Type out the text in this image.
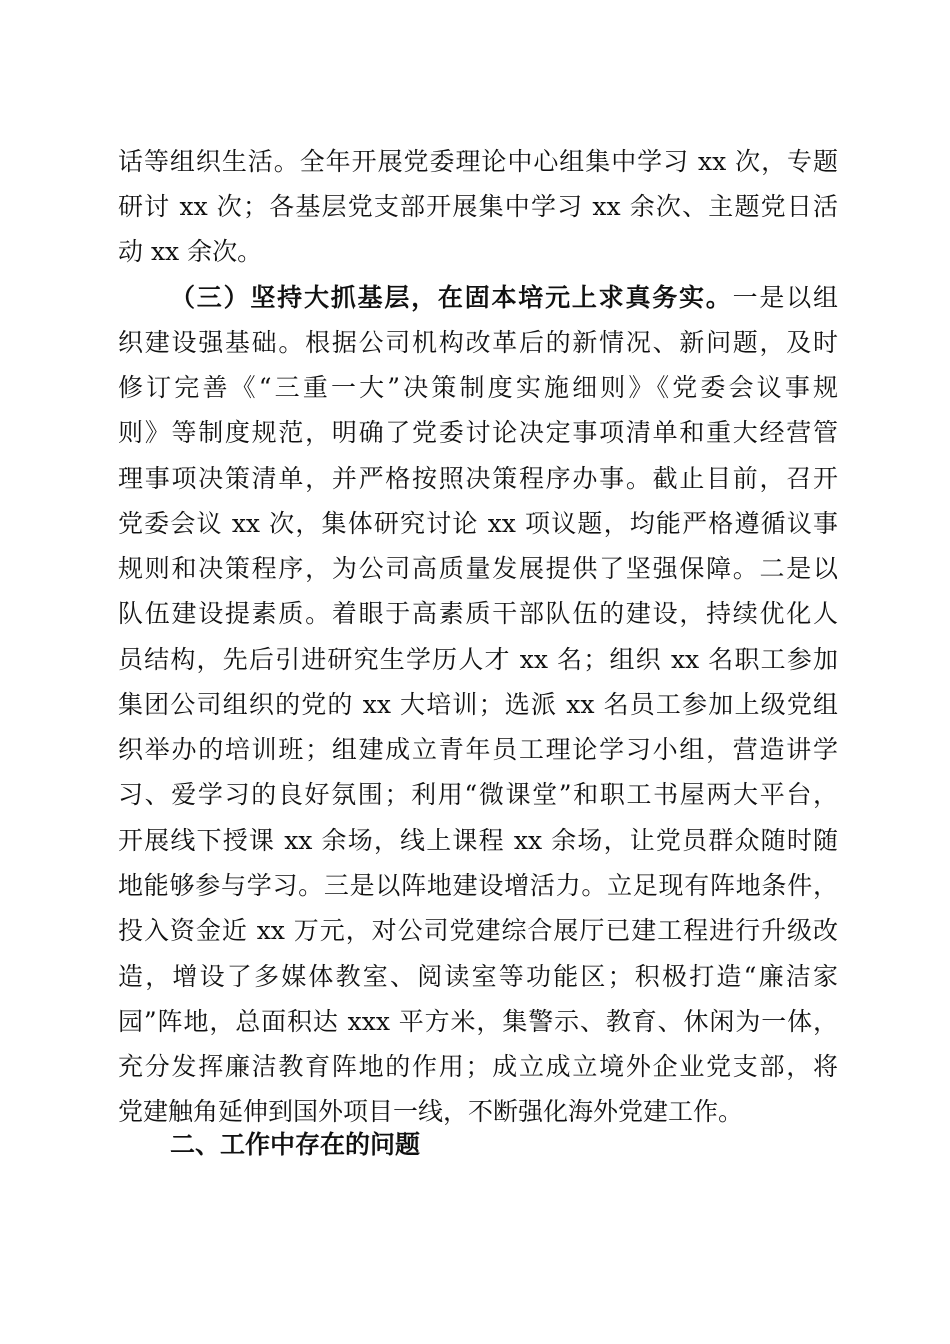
话等组织生活。全年开展党委理论中心组集中学习 xx 次，专题
研讨 xx 次；各基层党支部开展集中学习 xx 余次、主题党日活
动 xx 余次。
（三）坚持大抓基层，在固本培元上求真务实。一是以组
织建设强基础。根据公司机构改革后的新情况、新问题，及时
修订完善《“三重一大”决策制度实施细则》《党委会议事规
则》等制度规范，明确了党委讨论决定事项清单和重大经营管
理事项决策清单，并严格按照决策程序办事。截止目前，召开
党委会议 xx 次，集体研究讨论 xx 项议题，均能严格遵循议事
规则和决策程序，为公司高质量发展提供了坚强保障。二是以
队伍建设提素质。着眼于高素质干部队伍的建设，持续优化人
员结构，先后引进研究生学历人才 xx 名；组织 xx 名职工参加
集团公司组织的党的 xx 大培训；选派 xx 名员工参加上级党组
织举办的培训班；组建成立青年员工理论学习小组，营造讲学
习、爱学习的良好氛围；利用“微课堂”和职工书屋两大平台，
开展线下授课 xx 余场，线上课程 xx 余场，让党员群众随时随
地能够参与学习。三是以阵地建设增活力。立足现有阵地条件，
投入资金近 xx 万元，对公司党建综合展厅已建工程进行升级改
造，增设了多媒体教室、阅读室等功能区；积极打造“廉洁家
园”阵地，总面积达 xxx 平方米，集警示、教育、休闲为一体，
充分发挥廉洁教育阵地的作用；成立成立境外企业党支部，将
党建触角延伸到国外项目一线，不断强化海外党建工作。
二、工作中存在的问题
